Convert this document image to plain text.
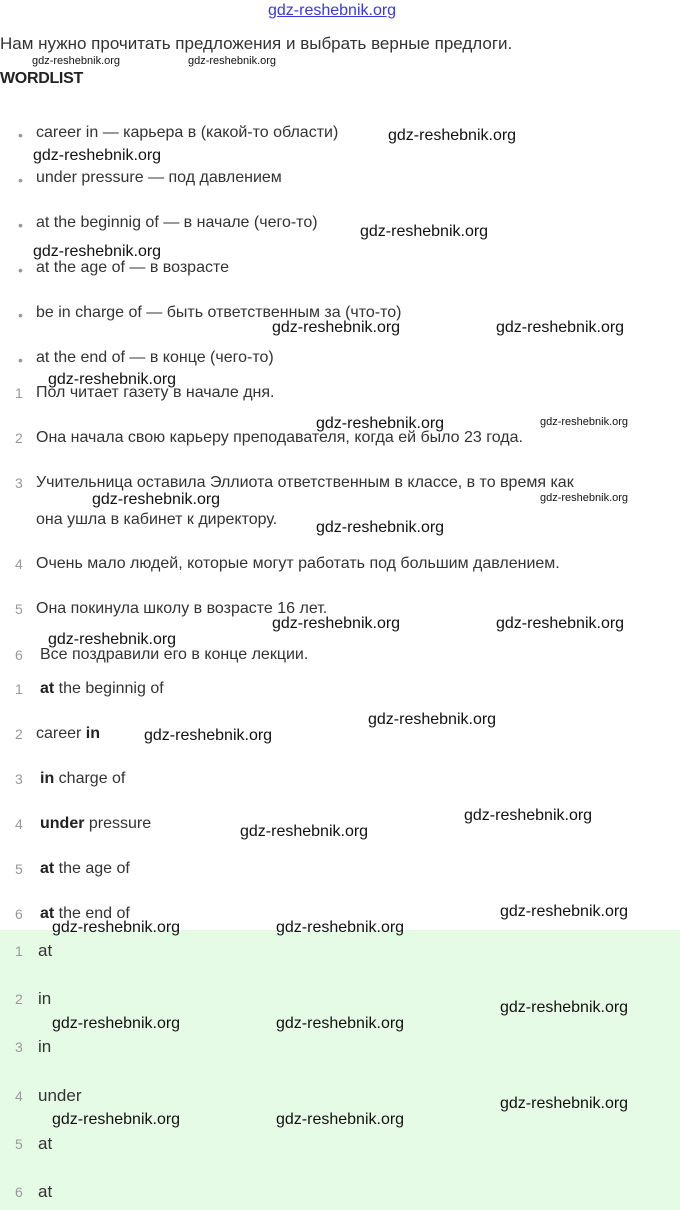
gdz-reshebnik.org
Нам нужно прочитать предложения и выбрать верные предлоги.
WORDLIST
• career in — карьера в (какой-то области)
• under pressure — под давлением
• at the beginnig of — в начале (чего-то)
• at the age of — в возрасте
• be in charge of — быть ответственным за (что-то)
• at the end of — в конце (чего-то)
1 Пол читает газету в начале дня.
2 Она начала свою карьеру преподавателя, когда ей было 23 года.
3 Учительница оставила Эллиота ответственным в классе, в то время как
она ушла в кабинет к директору.
4 Очень мало людей, которые могут работать под большим давлением.
5 Она покинула школу в возрасте 16 лет.
6 Все поздравили его в конце лекции.
1 at the beginnig of
2 career in
3 in charge of
4 under pressure
5 at the age of
6 at the end of
1 at
2 in
3 in
4 under
5 at
6 at
gdz-reshebnik.org	gdz-reshebnik.org
gdz-reshebnik.org
gdz-reshebnik.org
gdz-reshebnik.org
gdz-reshebnik.org
gdz-reshebnik.org	gdz-reshebnik.org
gdz-reshebnik.org
gdz-reshebnik.org	gdz-reshebnik.org
gdz-reshebnik.org	gdz-reshebnik.org
gdz-reshebnik.org
gdz-reshebnik.org	gdz-reshebnik.org
gdz-reshebnik.org
gdz-reshebnik.org
gdz-reshebnik.org
gdz-reshebnik.org
gdz-reshebnik.org
gdz-reshebnik.org
gdz-reshebnik.org	gdz-reshebnik.org
gdz-reshebnik.org
gdz-reshebnik.org	gdz-reshebnik.org
gdz-reshebnik.org
gdz-reshebnik.org	gdz-reshebnik.org
